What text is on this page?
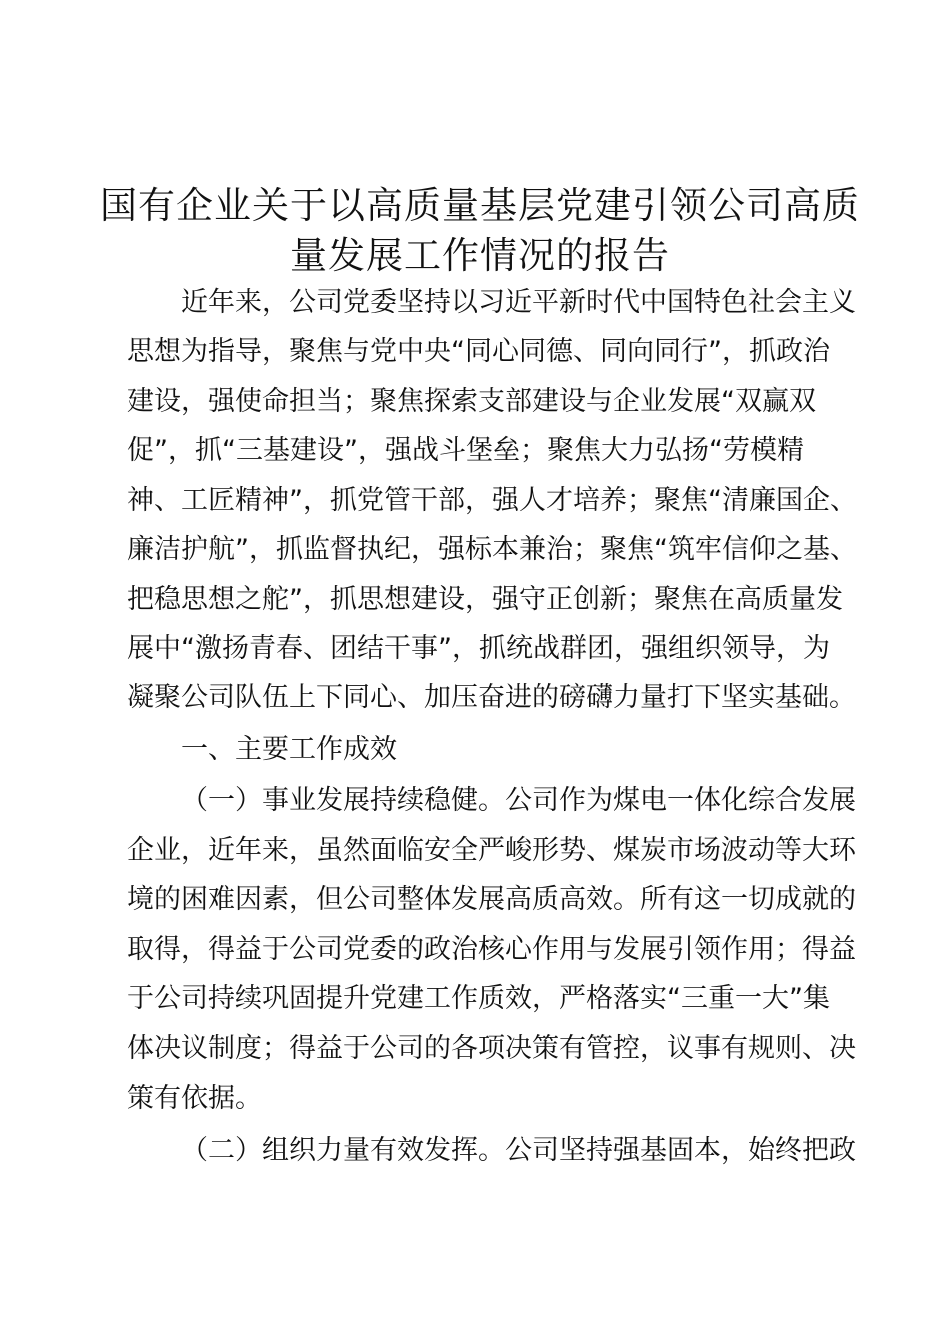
国有企业关于以高质量基层党建引领公司高质
量发展工作情况的报告

近年来，公司党委坚持以习近平新时代中国特色社会主义

思想为指导，聚焦与党中央“同心同德、同向同行”，抓政治

建设，强使命担当；聚焦探索支部建设与企业发展“双赢双

促”，抓“三基建设”，强战斗堡垒；聚焦大力弘扬“劳模精

神、工匠精神”，抓党管干部，强人才培养；聚焦“清廉国企、

廉洁护航”，抓监督执纪，强标本兼治；聚焦“筑牢信仰之基、

把稳思想之舵”，抓思想建设，强守正创新；聚焦在高质量发

展中“激扬青春、团结干事”，抓统战群团，强组织领导，为

凝聚公司队伍上下同心、加压奋进的磅礴力量打下坚实基础。

一、主要工作成效

（一）事业发展持续稳健。公司作为煤电一体化综合发展

企业，近年来，虽然面临安全严峻形势、煤炭市场波动等大环

境的困难因素，但公司整体发展高质高效。所有这一切成就的

取得，得益于公司党委的政治核心作用与发展引领作用；得益

于公司持续巩固提升党建工作质效，严格落实“三重一大”集

体决议制度；得益于公司的各项决策有管控，议事有规则、决

策有依据。

（二）组织力量有效发挥。公司坚持强基固本，始终把政
